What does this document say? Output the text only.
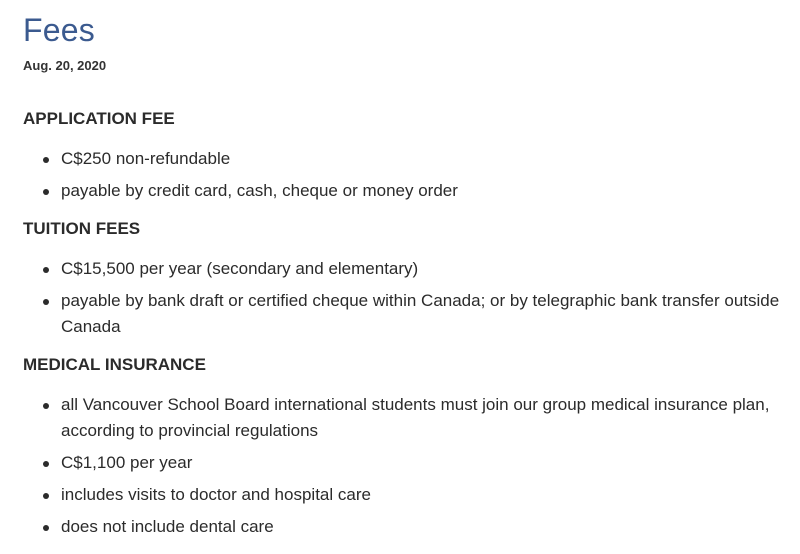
Fees
Aug. 20, 2020
APPLICATION FEE
C$250 non-refundable
payable by credit card, cash, cheque or money order
TUITION FEES
C$15,500 per year (secondary and elementary)
payable by bank draft or certified cheque within Canada; or by telegraphic bank transfer outside Canada
MEDICAL INSURANCE
all Vancouver School Board international students must join our group medical insurance plan, according to provincial regulations
C$1,100 per year
includes visits to doctor and hospital care
does not include dental care
